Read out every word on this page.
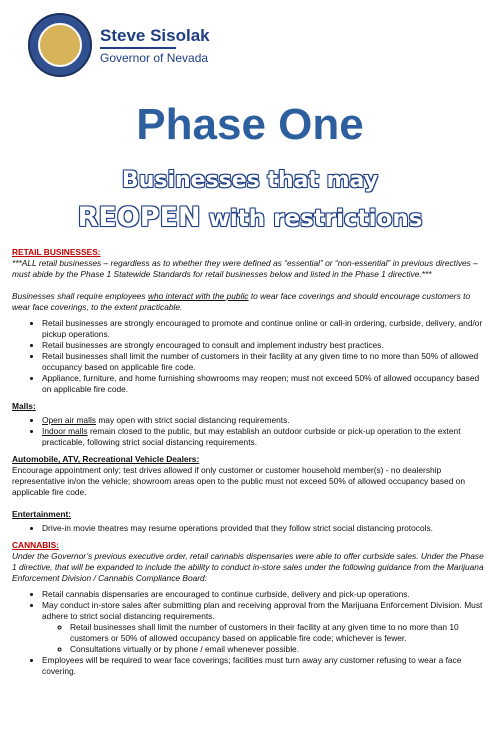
Steve Sisolak
Governor of Nevada
Phase One
Businesses that may
REOPEN with restrictions
RETAIL BUSINESSES:

***ALL retail businesses – regardless as to whether they were defined as “essential” or “non-essential” in previous directives – must abide by the Phase 1 Statewide Standards for retail businesses below and listed in the Phase 1 directive.***

Businesses shall require employees who interact with the public to wear face coverings and should encourage customers to wear face coverings, to the extent practicable.

• Retail businesses are strongly encouraged to promote and continue online or call-in ordering, curbside, delivery, and/or pickup operations.
• Retail businesses are strongly encouraged to consult and implement industry best practices.
• Retail businesses shall limit the number of customers in their facility at any given time to no more than 50% of allowed occupancy based on applicable fire code.
• Appliance, furniture, and home furnishing showrooms may reopen; must not exceed 50% of allowed occupancy based on applicable fire code.
Malls:
• Open air malls may open with strict social distancing requirements.
• Indoor malls remain closed to the public, but may establish an outdoor curbside or pick-up operation to the extent practicable, following strict social distancing requirements.
Automobile, ATV, Recreational Vehicle Dealers:

Encourage appointment only; test drives allowed if only customer or customer household member(s) - no dealership representative in/on the vehicle; showroom areas open to the public must not exceed 50% of allowed occupancy based on applicable fire code.

Entertainment:
• Drive-in movie theatres may resume operations provided that they follow strict social distancing protocols.
CANNABIS:

Under the Governor’s previous executive order, retail cannabis dispensaries were able to offer curbside sales. Under the Phase 1 directive, that will be expanded to include the ability to conduct in-store sales under the following guidance from the Marijuana Enforcement Division / Cannabis Compliance Board:

• Retail cannabis dispensaries are encouraged to continue curbside, delivery and pick-up operations.
• May conduct in-store sales after submitting plan and receiving approval from the Marijuana Enforcement Division. Must adhere to strict social distancing requirements.
◦ Retail businesses shall limit the number of customers in their facility at any given time to no more than 10 customers or 50% of allowed occupancy based on applicable fire code; whichever is fewer.
◦ Consultations virtually or by phone / email whenever possible.
• Employees will be required to wear face coverings; facilities must turn away any customer refusing to wear a face covering.
